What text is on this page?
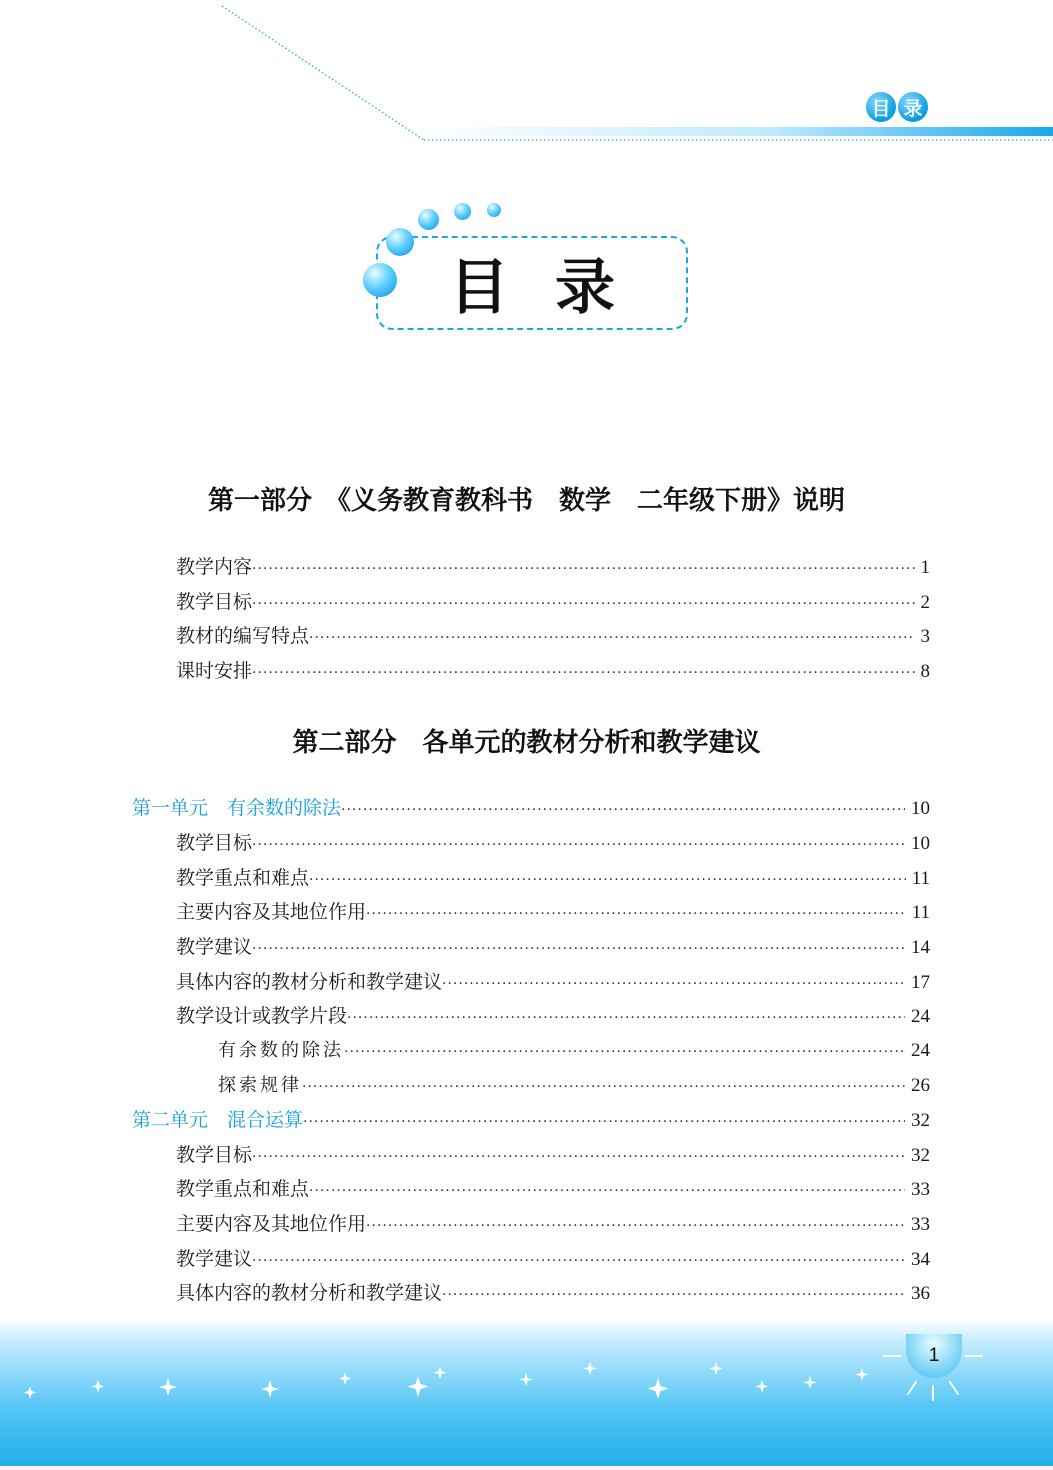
目 录
目录
第一部分　《义务教育教科书　数学　二年级下册》说明
教学内容 ·····	1
教学目标 ·····	2
教材的编写特点 ·····	3
课时安排 ·····	8
第二部分　各单元的教材分析和教学建议
第一单元　有余数的除法 ·····	10
教学目标 ·····	10
教学重点和难点 ·····	11
主要内容及其地位作用 ·····	11
教学建议 ·····	14
具体内容的教材分析和教学建议 ·····	17
教学设计或教学片段 ·····	24
有余数的除法 ·····	24
探索规律 ·····	26
第二单元　混合运算 ·····	32
教学目标 ·····	32
教学重点和难点 ·····	33
主要内容及其地位作用 ·····	33
教学建议 ·····	34
具体内容的教材分析和教学建议 ·····	36
1
